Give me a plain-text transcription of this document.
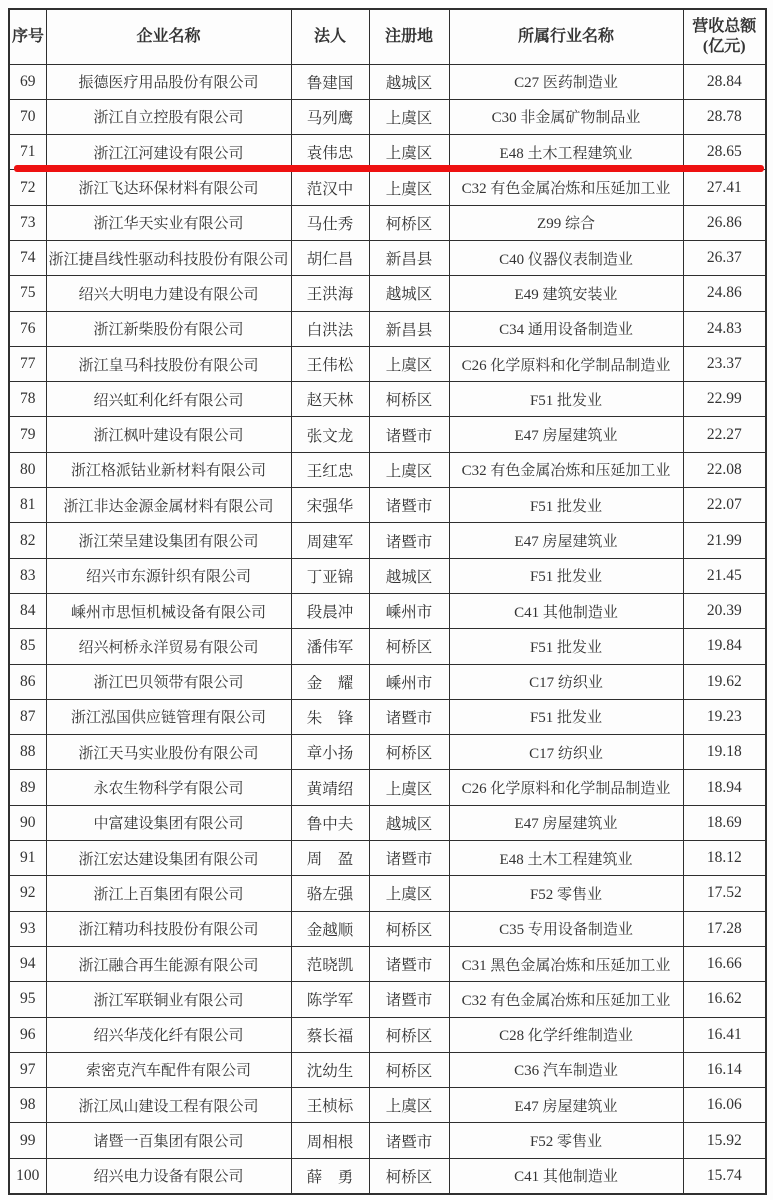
序号	企业名称	法人	注册地	所属行业名称	营收总额
(亿元)
69	振德医疗用品股份有限公司	鲁建国	越城区	C27 医药制造业	28.84
70	浙江自立控股有限公司	马列鹰	上虞区	C30 非金属矿物制品业	28.78
71	浙江江河建设有限公司	袁伟忠	上虞区	E48 土木工程建筑业	28.65
72	浙江飞达环保材料有限公司	范汉中	上虞区	C32 有色金属冶炼和压延加工业	27.41
73	浙江华天实业有限公司	马仕秀	柯桥区	Z99 综合	26.86
74	浙江捷昌线性驱动科技股份有限公司	胡仁昌	新昌县	C40 仪器仪表制造业	26.37
75	绍兴大明电力建设有限公司	王洪海	越城区	E49 建筑安装业	24.86
76	浙江新柴股份有限公司	白洪法	新昌县	C34 通用设备制造业	24.83
77	浙江皇马科技股份有限公司	王伟松	上虞区	C26 化学原料和化学制品制造业	23.37
78	绍兴虹利化纤有限公司	赵天林	柯桥区	F51 批发业	22.99
79	浙江枫叶建设有限公司	张文龙	诸暨市	E47 房屋建筑业	22.27
80	浙江格派钴业新材料有限公司	王红忠	上虞区	C32 有色金属冶炼和压延加工业	22.08
81	浙江非达金源金属材料有限公司	宋强华	诸暨市	F51 批发业	22.07
82	浙江荣呈建设集团有限公司	周建军	诸暨市	E47 房屋建筑业	21.99
83	绍兴市东源针织有限公司	丁亚锦	越城区	F51 批发业	21.45
84	嵊州市思恒机械设备有限公司	段晨冲	嵊州市	C41 其他制造业	20.39
85	绍兴柯桥永洋贸易有限公司	潘伟军	柯桥区	F51 批发业	19.84
86	浙江巴贝领带有限公司	金　耀	嵊州市	C17 纺织业	19.62
87	浙江泓国供应链管理有限公司	朱　锋	诸暨市	F51 批发业	19.23
88	浙江天马实业股份有限公司	章小扬	柯桥区	C17 纺织业	19.18
89	永农生物科学有限公司	黄靖绍	上虞区	C26 化学原料和化学制品制造业	18.94
90	中富建设集团有限公司	鲁中夫	越城区	E47 房屋建筑业	18.69
91	浙江宏达建设集团有限公司	周　盈	诸暨市	E48 土木工程建筑业	18.12
92	浙江上百集团有限公司	骆左强	上虞区	F52 零售业	17.52
93	浙江精功科技股份有限公司	金越顺	柯桥区	C35 专用设备制造业	17.28
94	浙江融合再生能源有限公司	范晓凯	诸暨市	C31 黑色金属冶炼和压延加工业	16.66
95	浙江军联铜业有限公司	陈学军	诸暨市	C32 有色金属冶炼和压延加工业	16.62
96	绍兴华茂化纤有限公司	蔡长福	柯桥区	C28 化学纤维制造业	16.41
97	索密克汽车配件有限公司	沈幼生	柯桥区	C36 汽车制造业	16.14
98	浙江凤山建设工程有限公司	王桢标	上虞区	E47 房屋建筑业	16.06
99	诸暨一百集团有限公司	周相根	诸暨市	F52 零售业	15.92
100	绍兴电力设备有限公司	薛　勇	柯桥区	C41 其他制造业	15.74
